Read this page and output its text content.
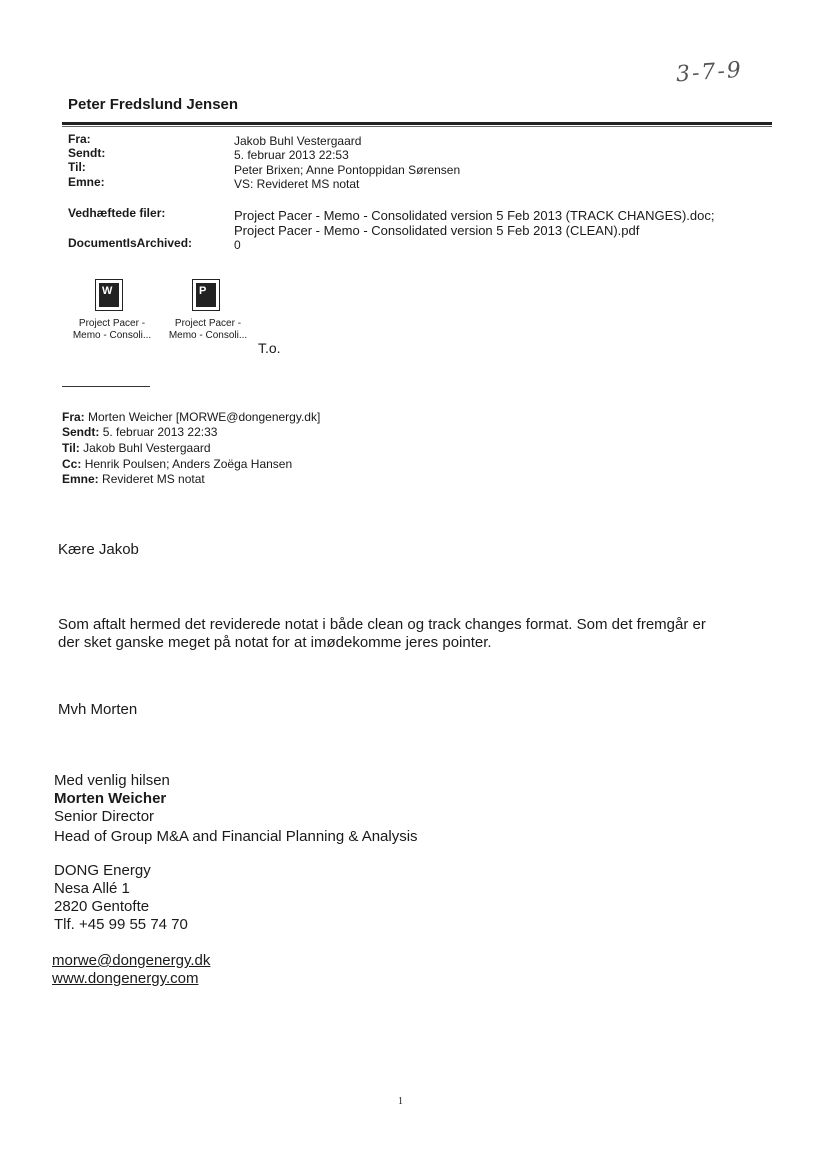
3-7-9
Peter Fredslund Jensen
Fra:
Sendt:
Til:
Emne:
Vedhæftede filer:
DocumentIsArchived:
Jakob Buhl Vestergaard
5. februar 2013 22:53
Peter Brixen; Anne Pontoppidan Sørensen
VS: Revideret MS notat
Project Pacer - Memo - Consolidated version 5 Feb 2013 (TRACK CHANGES).doc;
Project Pacer - Memo - Consolidated version 5 Feb 2013 (CLEAN).pdf
0
W	P
Project Pacer -
Memo - Consoli...
Project Pacer -
Memo - Consoli...
T.o.
Fra: Morten Weicher [MORWE@dongenergy.dk]
Sendt: 5. februar 2013 22:33
Til: Jakob Buhl Vestergaard
Cc: Henrik Poulsen; Anders Zoëga Hansen
Emne: Revideret MS notat
Kære Jakob
Som aftalt hermed det reviderede notat i både clean og track changes format. Som det fremgår er
der sket ganske meget på notat for at imødekomme jeres pointer.
Mvh Morten
Med venlig hilsen
Morten Weicher
Senior Director
Head of Group M&A and Financial Planning & Analysis
DONG Energy
Nesa Allé 1
2820 Gentofte
Tlf. +45 99 55 74 70
morwe@dongenergy.dk
www.dongenergy.com
1
